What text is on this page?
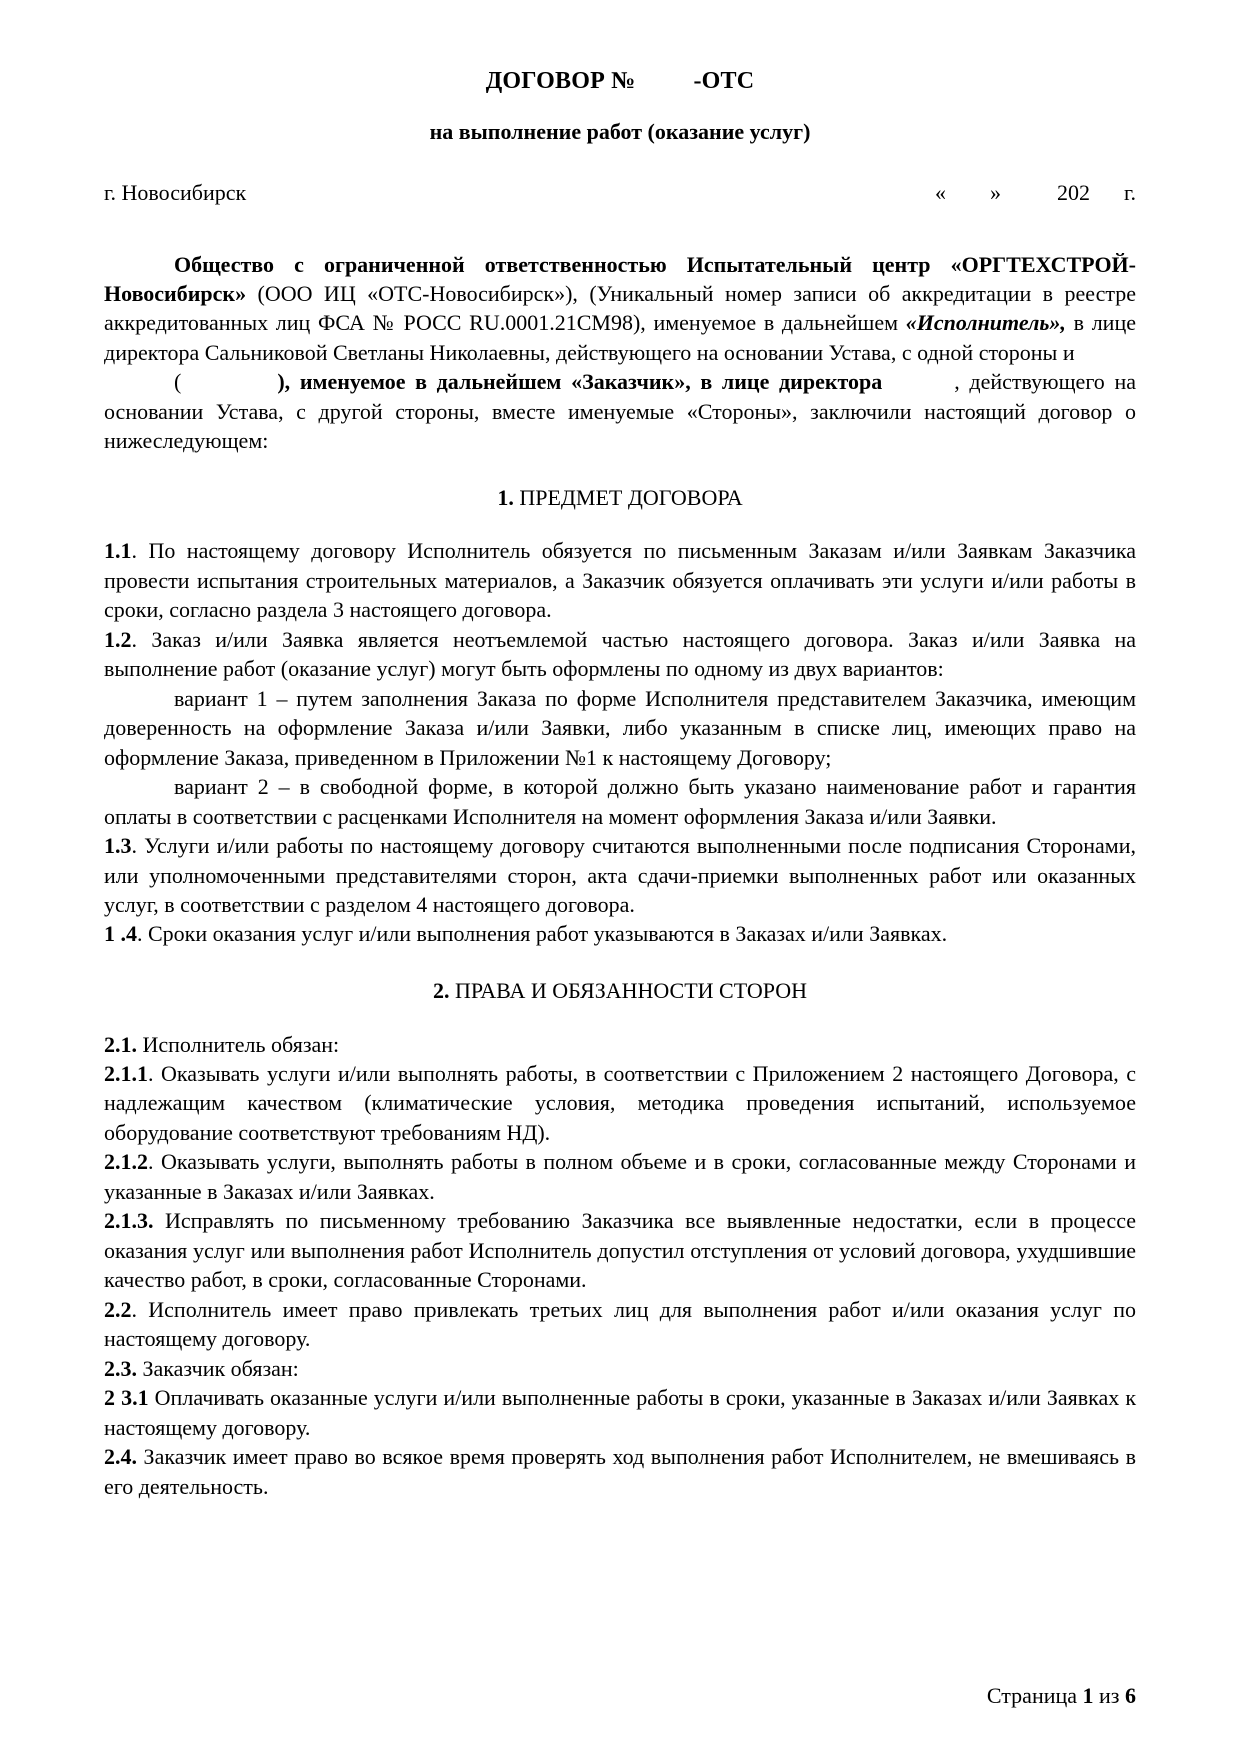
ДОГОВОР № -ОТС
на выполнение работ (оказание услуг)
г. Новосибирск	« »	202 г.

Общество с ограниченной ответственностью Испытательный центр «ОРГТЕХСТРОЙ-Новосибирск» (ООО ИЦ «ОТС-Новосибирск»), (Уникальный номер записи об аккредитации в реестре аккредитованных лиц ФСА № РОСС RU.0001.21СМ98), именуемое в дальнейшем «Исполнитель», в лице директора Сальниковой Светланы Николаевны, действующего на основании Устава, с одной стороны и

(	), именуемое в дальнейшем «Заказчик», в лице директора	, действующего на основании Устава, с другой стороны, вместе именуемые «Стороны», заключили настоящий договор о нижеследующем:

1. ПРЕДМЕТ ДОГОВОРА

1.1. По настоящему договору Исполнитель обязуется по письменным Заказам и/или Заявкам Заказчика провести испытания строительных материалов, а Заказчик обязуется оплачивать эти услуги и/или работы в сроки, согласно раздела 3 настоящего договора.

1.2. Заказ и/или Заявка является неотъемлемой частью настоящего договора. Заказ и/или Заявка на выполнение работ (оказание услуг) могут быть оформлены по одному из двух вариантов:

вариант 1 – путем заполнения Заказа по форме Исполнителя представителем Заказчика, имеющим доверенность на оформление Заказа и/или Заявки, либо указанным в списке лиц, имеющих право на оформление Заказа, приведенном в Приложении №1 к настоящему Договору;

вариант 2 – в свободной форме, в которой должно быть указано наименование работ и гарантия оплаты в соответствии с расценками Исполнителя на момент оформления Заказа и/или Заявки.

1.3. Услуги и/или работы по настоящему договору считаются выполненными после подписания Сторонами, или уполномоченными представителями сторон, акта сдачи-приемки выполненных работ или оказанных услуг, в соответствии с разделом 4 настоящего договора.

1 .4. Сроки оказания услуг и/или выполнения работ указываются в Заказах и/или Заявках.

2. ПРАВА И ОБЯЗАННОСТИ СТОРОН

2.1. Исполнитель обязан:

2.1.1. Оказывать услуги и/или выполнять работы, в соответствии с Приложением 2 настоящего Договора, с надлежащим качеством (климатические условия, методика проведения испытаний, используемое оборудование соответствуют требованиям НД).

2.1.2. Оказывать услуги, выполнять работы в полном объеме и в сроки, согласованные между Сторонами и указанные в Заказах и/или Заявках.

2.1.3. Исправлять по письменному требованию Заказчика все выявленные недостатки, если в процессе оказания услуг или выполнения работ Исполнитель допустил отступления от условий договора, ухудшившие качество работ, в сроки, согласованные Сторонами.

2.2. Исполнитель имеет право привлекать третьих лиц для выполнения работ и/или оказания услуг по настоящему договору.

2.3. Заказчик обязан:

2 3.1 Оплачивать оказанные услуги и/или выполненные работы в сроки, указанные в Заказах и/или Заявках к настоящему договору.

2.4. Заказчик имеет право во всякое время проверять ход выполнения работ Исполнителем, не вмешиваясь в его деятельность.

Страница 1 из 6
